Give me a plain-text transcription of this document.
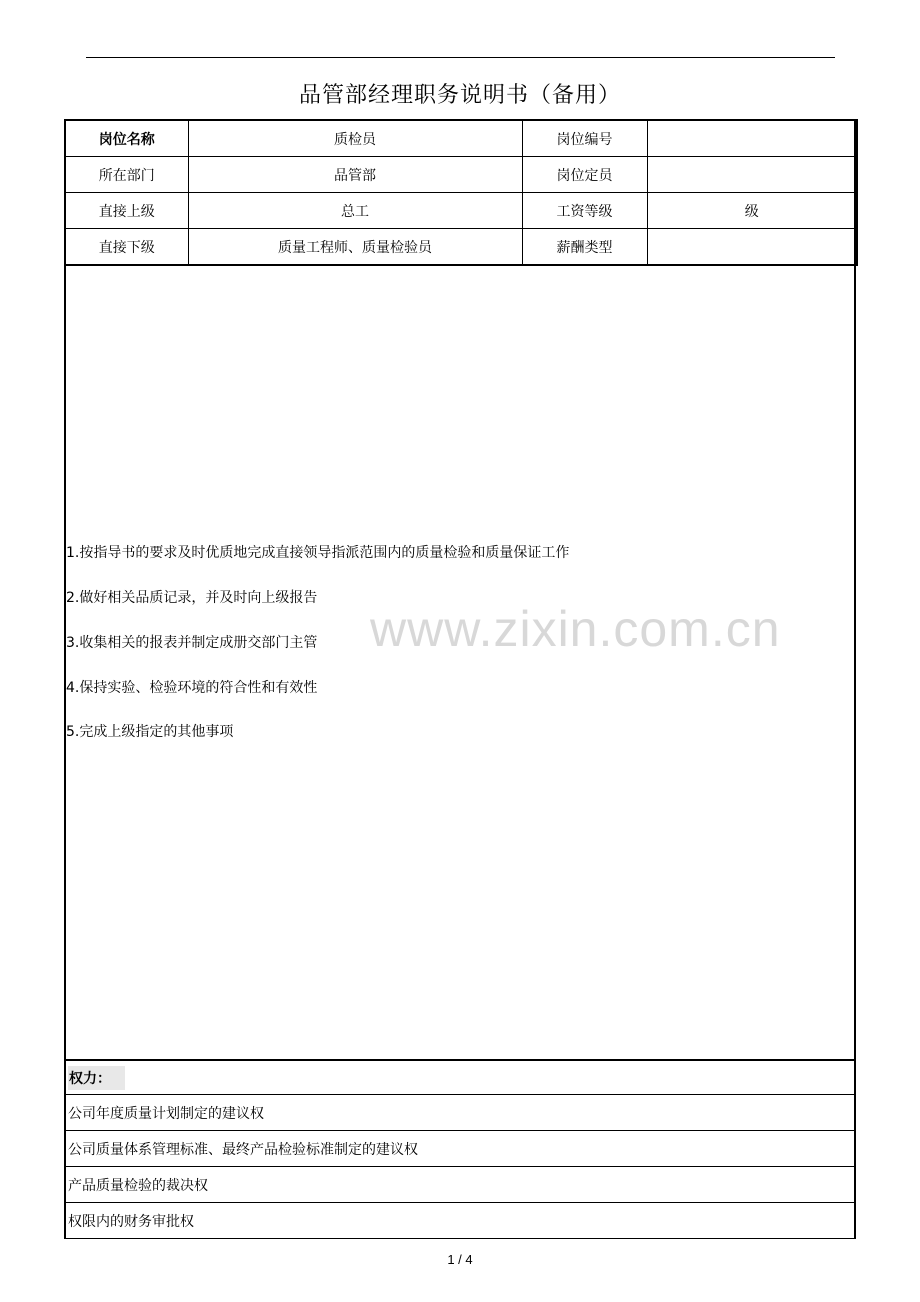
品管部经理职务说明书（备用）
岗位名称	质检员	岗位编号	
所在部门	品管部	岗位定员	
直接上级	总工	工资等级	级
直接下级	质量工程师、质量检验员	薪酬类型	
1.按指导书的要求及时优质地完成直接领导指派范围内的质量检验和质量保证工作
2.做好相关品质记录，并及时向上级报告
3.收集相关的报表并制定成册交部门主管
4.保持实验、检验环境的符合性和有效性
5.完成上级指定的其他事项
www.zixin.com.cn
权力：
公司年度质量计划制定的建议权
公司质量体系管理标准、最终产品检验标准制定的建议权
产品质量检验的裁决权
权限内的财务审批权
1 / 4
